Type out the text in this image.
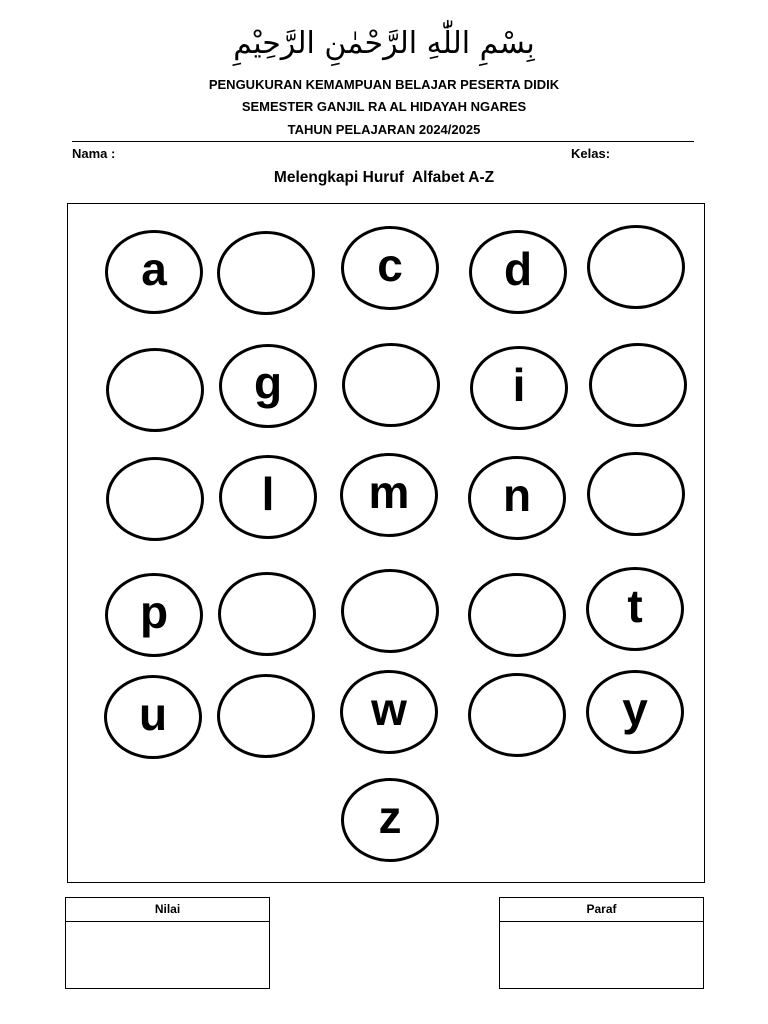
بِسْمِ اللّٰهِ الرَّحْمٰنِ الرَّحِيْمِ
PENGUKURAN KEMAMPUAN BELAJAR PESERTA DIDIK
SEMESTER GANJIL RA AL HIDAYAH NGARES
TAHUN PELAJARAN 2024/2025
Nama :	Kelas:
Melengkapi Huruf  Alfabet A-Z
a	c	d
g	i
l	m	n
p	t
u	w	y
z
Nilai	Paraf
